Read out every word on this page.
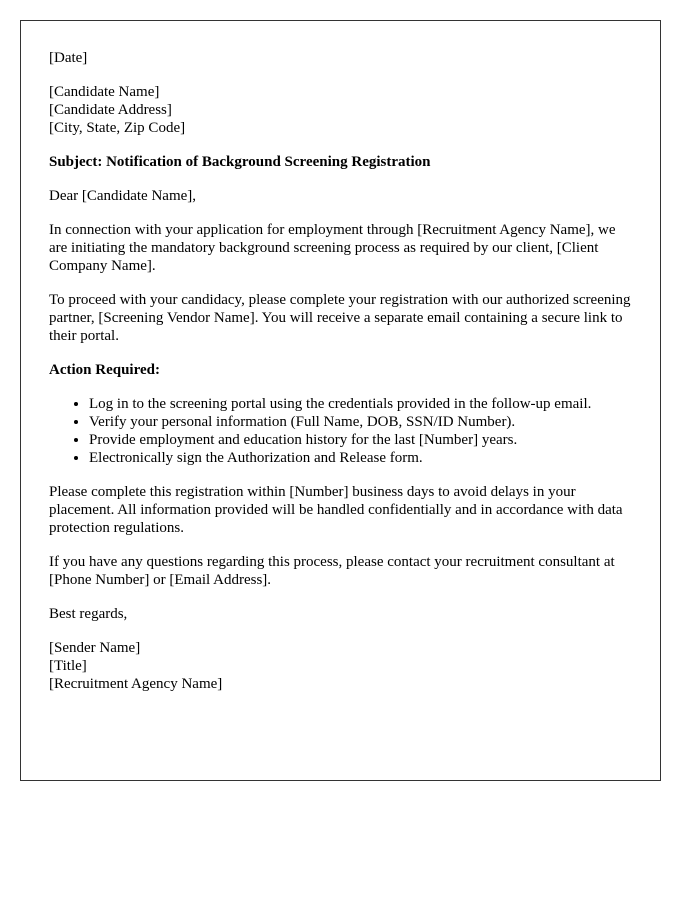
[Date]

[Candidate Name]
[Candidate Address]
[City, State, Zip Code]

Subject: Notification of Background Screening Registration

Dear [Candidate Name],

In connection with your application for employment through [Recruitment Agency Name], we are initiating the mandatory background screening process as required by our client, [Client Company Name].

To proceed with your candidacy, please complete your registration with our authorized screening partner, [Screening Vendor Name]. You will receive a separate email containing a secure link to their portal.

Action Required:

• Log in to the screening portal using the credentials provided in the follow-up email.
• Verify your personal information (Full Name, DOB, SSN/ID Number).
• Provide employment and education history for the last [Number] years.
• Electronically sign the Authorization and Release form.

Please complete this registration within [Number] business days to avoid delays in your placement. All information provided will be handled confidentially and in accordance with data protection regulations.

If you have any questions regarding this process, please contact your recruitment consultant at [Phone Number] or [Email Address].

Best regards,

[Sender Name]
[Title]
[Recruitment Agency Name]
